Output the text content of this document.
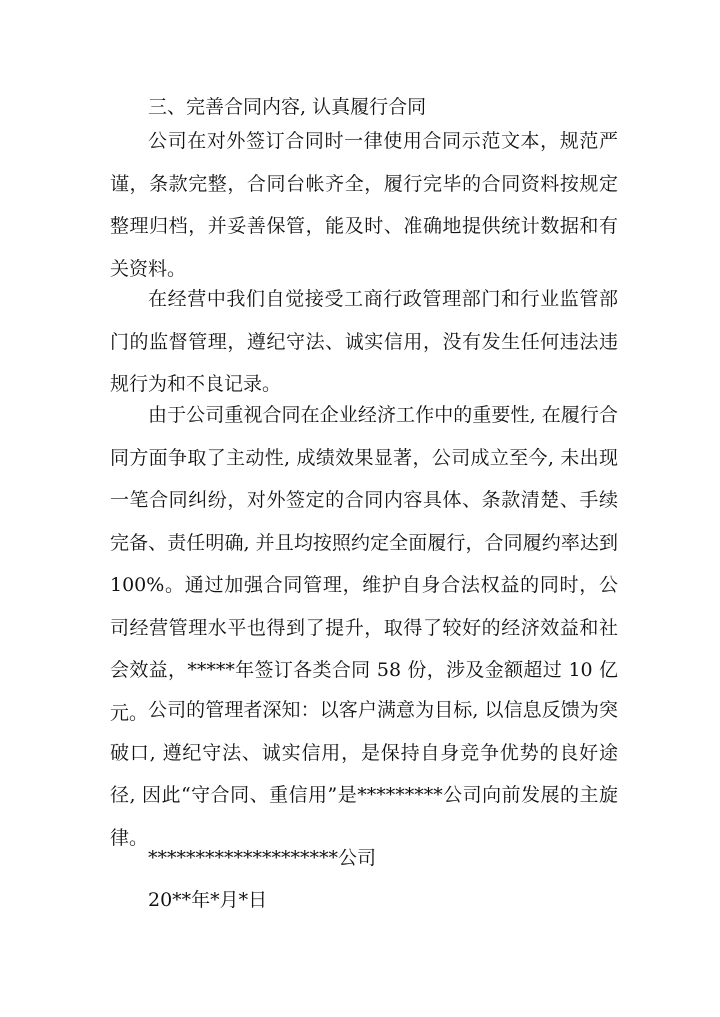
三、完善合同内容, 认真履行合同

公司在对外签订合同时一律使用合同示范文本，规范严谨，条款完整，合同台帐齐全，履行完毕的合同资料按规定整理归档，并妥善保管，能及时、准确地提供统计数据和有关资料。

在经营中我们自觉接受工商行政管理部门和行业监管部门的监督管理，遵纪守法、诚实信用，没有发生任何违法违规行为和不良记录。

由于公司重视合同在企业经济工作中的重要性, 在履行合同方面争取了主动性, 成绩效果显著，公司成立至今, 未出现一笔合同纠纷，对外签定的合同内容具体、条款清楚、手续完备、责任明确, 并且均按照约定全面履行，合同履约率达到 100%。通过加强合同管理，维护自身合法权益的同时，公司经营管理水平也得到了提升，取得了较好的经济效益和社会效益，*****年签订各类合同 58 份，涉及金额超过 10 亿元。 公司的管理者深知：以客户满意为目标, 以信息反馈为突破口, 遵纪守法、诚实信用，是保持自身竞争优势的良好途径, 因此“守合同、重信用”是*********公司向前发展的主旋律。

********************公司
20**年*月*日
